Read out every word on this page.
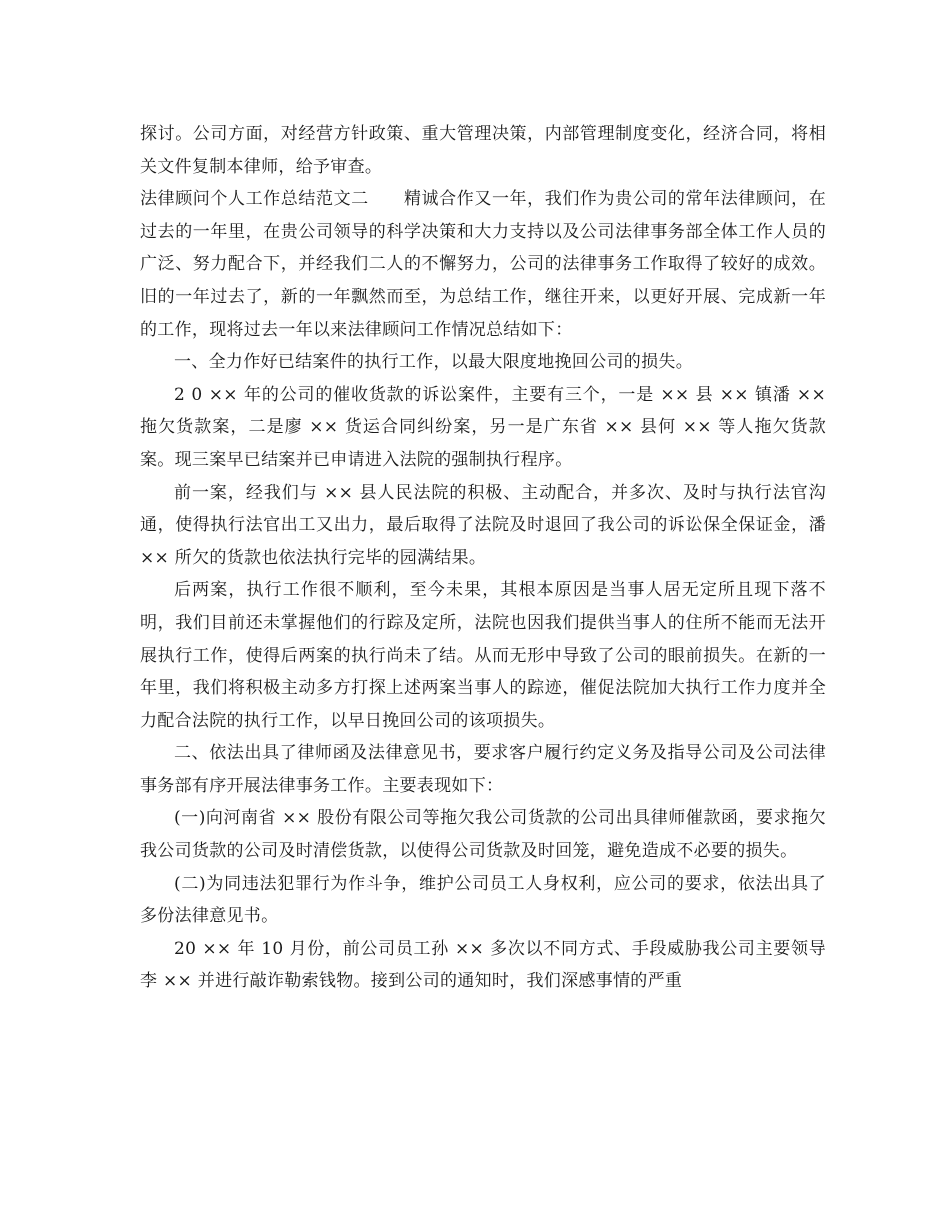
探讨。公司方面，对经营方针政策、重大管理决策，内部管理制度变化，经济合同，将相关文件复制本律师，给予审查。

法律顾问个人工作总结范文二　　精诚合作又一年，我们作为贵公司的常年法律顾问，在过去的一年里，在贵公司领导的科学决策和大力支持以及公司法律事务部全体工作人员的广泛、努力配合下，并经我们二人的不懈努力，公司的法律事务工作取得了较好的成效。旧的一年过去了，新的一年飘然而至，为总结工作，继往开来，以更好开展、完成新一年的工作，现将过去一年以来法律顾问工作情况总结如下：

一、全力作好已结案件的执行工作，以最大限度地挽回公司的损失。

2 0 ×× 年的公司的催收货款的诉讼案件，主要有三个，一是 ×× 县 ×× 镇潘 ×× 拖欠货款案，二是廖 ×× 货运合同纠纷案，另一是广东省 ×× 县何 ×× 等人拖欠货款案。现三案早已结案并已申请进入法院的强制执行程序。

前一案，经我们与 ×× 县人民法院的积极、主动配合，并多次、及时与执行法官沟通，使得执行法官出工又出力，最后取得了法院及时退回了我公司的诉讼保全保证金，潘 ×× 所欠的货款也依法执行完毕的园满结果。

后两案，执行工作很不顺利，至今未果，其根本原因是当事人居无定所且现下落不明，我们目前还未掌握他们的行踪及定所，法院也因我们提供当事人的住所不能而无法开展执行工作，使得后两案的执行尚未了结。从而无形中导致了公司的眼前损失。在新的一年里，我们将积极主动多方打探上述两案当事人的踪迹，催促法院加大执行工作力度并全力配合法院的执行工作，以早日挽回公司的该项损失。

二、依法出具了律师函及法律意见书，要求客户履行约定义务及指导公司及公司法律事务部有序开展法律事务工作。主要表现如下：

(一)向河南省 ×× 股份有限公司等拖欠我公司货款的公司出具律师催款函，要求拖欠我公司货款的公司及时清偿货款，以使得公司货款及时回笼，避免造成不必要的损失。

(二)为同违法犯罪行为作斗争，维护公司员工人身权利，应公司的要求，依法出具了多份法律意见书。

20 ×× 年 10 月份，前公司员工孙 ×× 多次以不同方式、手段威胁我公司主要领导李 ×× 并进行敲诈勒索钱物。接到公司的通知时，我们深感事情的严重
